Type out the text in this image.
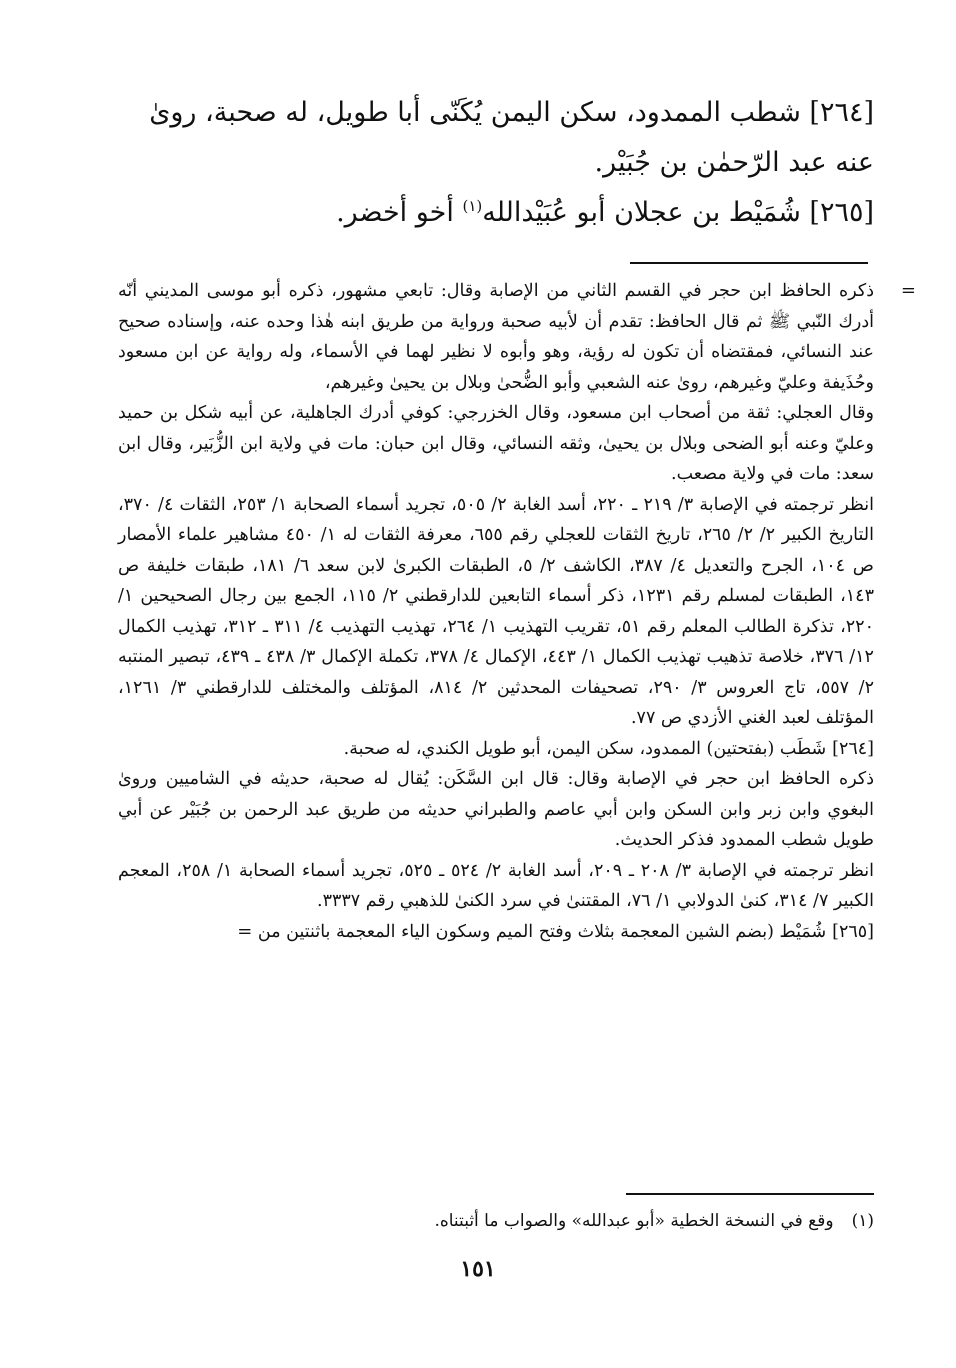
[٢٦٤] شطب الممدود، سكن اليمن يُكَنّى أبا طويل، له صحبة، روىٰ

عنه عبد الرّحمٰن بن جُبَيْر.

[٢٦٥] شُمَيْط بن عجلان أبو عُبَيْدالله$^{(١)}$ أخو أخضر.

=

ذكره الحافظ ابن حجر في القسم الثاني من الإصابة وقال: تابعي مشهور، ذكره أبو موسى المديني أنّه أدرك النّبي ﷺ ثم قال الحافظ: تقدم أن لأبيه صحبة ورواية من طريق ابنه هٰذا وحده عنه، وإسناده صحيح عند النسائي، فمقتضاه أن تكون له رؤية، وهو وأبوه لا نظير لهما في الأسماء، وله رواية عن ابن مسعود وحُذَيفة وعليّ وغيرهم، روىٰ عنه الشعبي وأبو الضُّحىٰ وبلال بن يحيىٰ وغيرهم،

وقال العجلي: ثقة من أصحاب ابن مسعود، وقال الخزرجي: كوفي أدرك الجاهلية، عن أبيه شكل بن حميد وعليّ وعنه أبو الضحى وبلال بن يحيىٰ، وثقه النسائي، وقال ابن حبان: مات في ولاية ابن الزُّبَير، وقال ابن سعد: مات في ولاية مصعب.

انظر ترجمته في الإصابة ٣/ ٢١٩ ـ ٢٢٠، أسد الغابة ٢/ ٥٠٥، تجريد أسماء الصحابة ١/ ٢٥٣، الثقات ٤/ ٣٧٠، التاريخ الكبير ٢/ ٢/ ٢٦٥، تاريخ الثقات للعجلي رقم ٦٥٥، معرفة الثقات له ١/ ٤٥٠ مشاهير علماء الأمصار ص ١٠٤، الجرح والتعديل ٤/ ٣٨٧، الكاشف ٢/ ٥، الطبقات الكبرىٰ لابن سعد ٦/ ١٨١، طبقات خليفة ص ١٤٣، الطبقات لمسلم رقم ١٢٣١، ذكر أسماء التابعين للدارقطني ٢/ ١١٥، الجمع بين رجال الصحيحين ١/ ٢٢٠، تذكرة الطالب المعلم رقم ٥١، تقريب التهذيب ١/ ٢٦٤، تهذيب التهذيب ٤/ ٣١١ ـ ٣١٢، تهذيب الكمال ١٢/ ٣٧٦، خلاصة تذهيب تهذيب الكمال ١/ ٤٤٣، الإكمال ٤/ ٣٧٨، تكملة الإكمال ٣/ ٤٣٨ ـ ٤٣٩، تبصير المنتبه ٢/ ٥٥٧، تاج العروس ٣/ ٢٩٠، تصحيفات المحدثين ٢/ ٨١٤، المؤتلف والمختلف للدارقطني ٣/ ١٢٦١، المؤتلف لعبد الغني الأزدي ص ٧٧.

[٢٦٤]شَطَب (بفتحتين) الممدود، سكن اليمن، أبو طويل الكندي، له صحبة.

ذكره الحافظ ابن حجر في الإصابة وقال: قال ابن السَّكَن: يُقال له صحبة، حديثه في الشاميين وروىٰ البغوي وابن زبر وابن السكن وابن أبي عاصم والطبراني حديثه من طريق عبد الرحمن بن جُبَيْر عن أبي طويل شطب الممدود فذكر الحديث.

انظر ترجمته في الإصابة ٣/ ٢٠٨ ـ ٢٠٩، أسد الغابة ٢/ ٥٢٤ ـ ٥٢٥، تجريد أسماء الصحابة ١/ ٢٥٨، المعجم الكبير ٧/ ٣١٤، كنىٰ الدولابي ١/ ٧٦، المقتنىٰ في سرد الكنىٰ للذهبي رقم ٣٣٣٧.

[٢٦٥]شُمَيْط (بضم الشين المعجمة بثلاث وفتح الميم وسكون الياء المعجمة باثنتين من =

(١)وقع في النسخة الخطية «أبو عبدالله» والصواب ما أثبتناه.
١٥١
